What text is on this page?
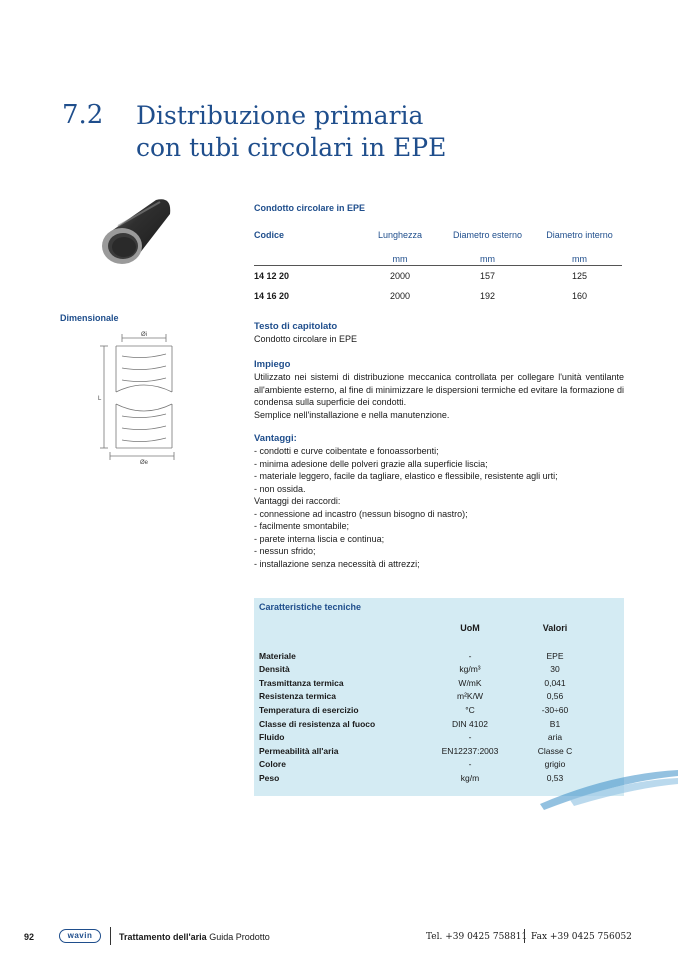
7.2 Distribuzione primaria
con tubi circolari in EPE
Condotto circolare in EPE
Codice	Lunghezza	Diametro esterno	Diametro interno
mm	mm	mm
14 12 20	2000	157	125
14 16 20	2000	192	160
Dimensionale
Øi
Øe
L
Testo di capitolato
Condotto circolare in EPE
Impiego
Utilizzato nei sistemi di distribuzione meccanica controllata per collegare l'unità ventilante all'ambiente esterno, al fine di minimizzare le dispersioni termiche ed evitare la formazione di condensa sulla superficie dei condotti.
Semplice nell'installazione e nella manutenzione.
Vantaggi:
- condotti e curve coibentate e fonoassorbenti;
- minima adesione delle polveri grazie alla superficie liscia;
- materiale leggero, facile da tagliare, elastico e flessibile, resistente agli urti;
- non ossida.
Vantaggi dei raccordi:
- connessione ad incastro (nessun bisogno di nastro);
- facilmente smontabile;
- parete interna liscia e continua;
- nessun sfrido;
- installazione senza necessità di attrezzi;
Caratteristiche tecniche
UoM	Valori
Materiale	-	EPE
Densità	kg/m³	30
Trasmittanza termica	W/mK	0,041
Resistenza termica	m²K/W	0,56
Temperatura di esercizio	°C	-30÷60
Classe di resistenza al fuoco	DIN 4102	B1
Fluido	-	aria
Permeabilità all'aria	EN12237:2003	Classe C
Colore	-	grigio
Peso	kg/m	0,53
92	wavin	Trattamento dell'aria Guida Prodotto	Tel. +39 0425 758811 Fax +39 0425 756052
